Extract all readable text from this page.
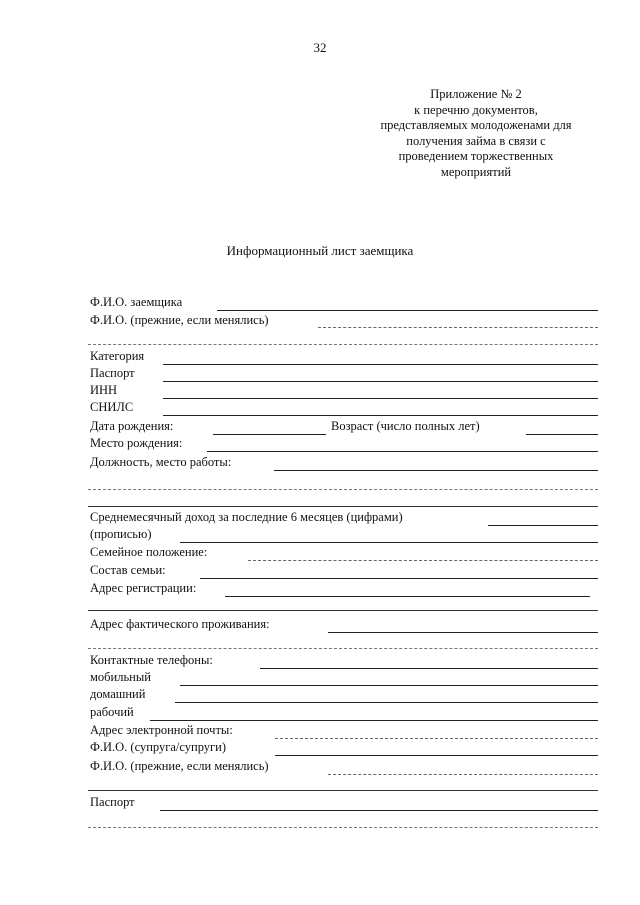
32
Приложение № 2
к перечню документов,
представляемых молодоженами для
получения займа в связи с
проведением торжественных
мероприятий
Информационный лист заемщика
Ф.И.О. заемщика
Ф.И.О. (прежние, если менялись)
Категория
Паспорт
ИНН
СНИЛС
Дата рождения:	Возраст (число полных лет)
Место рождения:
Должность, место работы:
Среднемесячный доход за последние 6 месяцев (цифрами)
(прописью)
Семейное положение:
Состав семьи:
Адрес регистрации:
Адрес фактического проживания:
Контактные телефоны:
мобильный
домашний
рабочий
Адрес электронной почты:
Ф.И.О. (супруга/супруги)
Ф.И.О. (прежние, если менялись)
Паспорт
